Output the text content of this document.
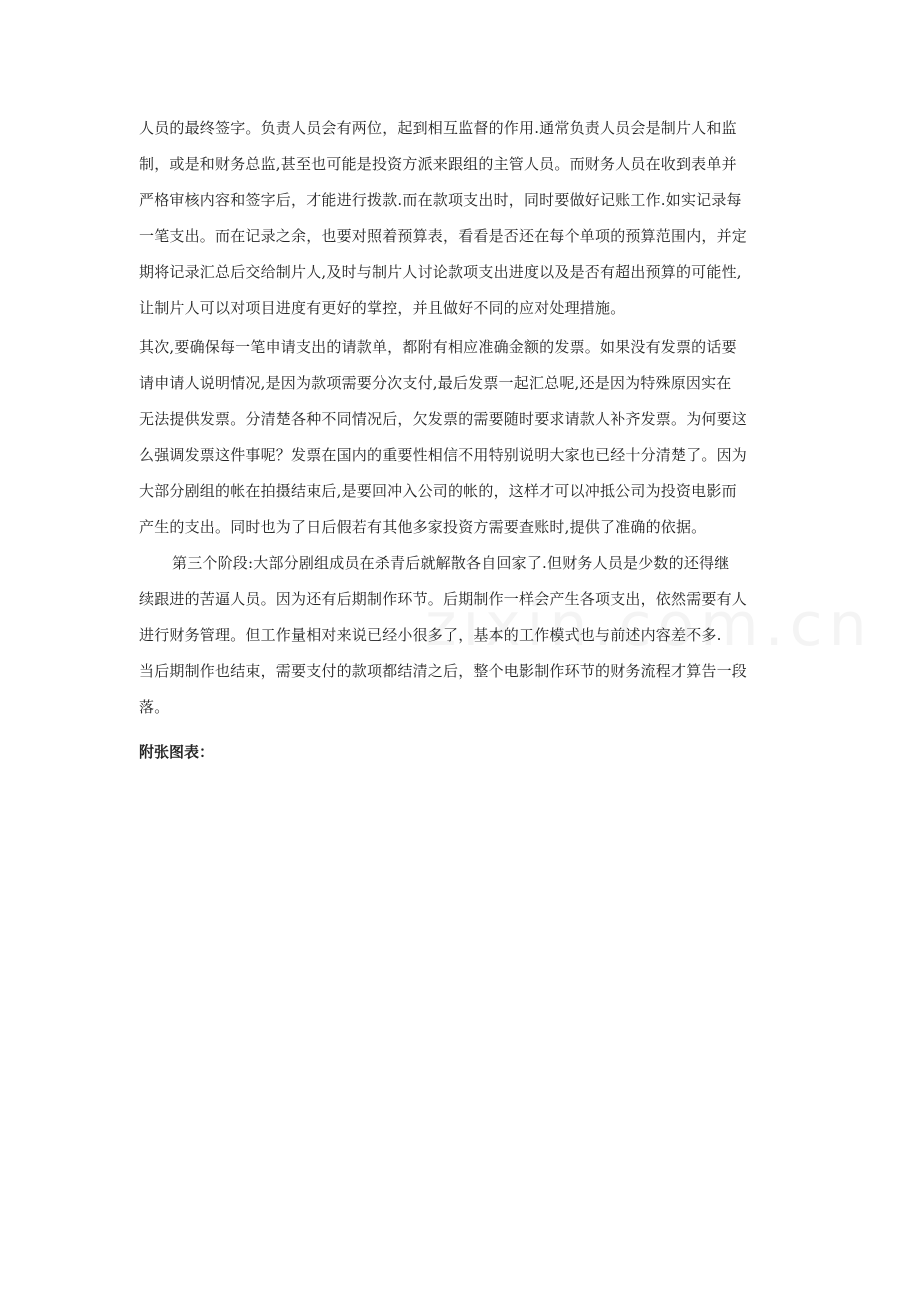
人员的最终签字。负责人员会有两位，起到相互监督的作用.通常负责人员会是制片人和监
制，或是和财务总监,甚至也可能是投资方派来跟组的主管人员。而财务人员在收到表单并
严格审核内容和签字后，才能进行拨款.而在款项支出时，同时要做好记账工作.如实记录每
一笔支出。而在记录之余，也要对照着预算表，看看是否还在每个单项的预算范围内，并定
期将记录汇总后交给制片人,及时与制片人讨论款项支出进度以及是否有超出预算的可能性,
让制片人可以对项目进度有更好的掌控，并且做好不同的应对处理措施。
其次,要确保每一笔申请支出的请款单，都附有相应准确金额的发票。如果没有发票的话要
请申请人说明情况,是因为款项需要分次支付,最后发票一起汇总呢,还是因为特殊原因实在
无法提供发票。分清楚各种不同情况后，欠发票的需要随时要求请款人补齐发票。为何要这
么强调发票这件事呢？发票在国内的重要性相信不用特别说明大家也已经十分清楚了。因为
大部分剧组的帐在拍摄结束后,是要回冲入公司的帐的，这样才可以冲抵公司为投资电影而
产生的支出。同时也为了日后假若有其他多家投资方需要查账时,提供了准确的依据。
第三个阶段:大部分剧组成员在杀青后就解散各自回家了.但财务人员是少数的还得继
续跟进的苦逼人员。因为还有后期制作环节。后期制作一样会产生各项支出，依然需要有人
进行财务管理。但工作量相对来说已经小很多了，基本的工作模式也与前述内容差不多.
当后期制作也结束，需要支付的款项都结清之后，整个电影制作环节的财务流程才算告一段
落。
附张图表：
